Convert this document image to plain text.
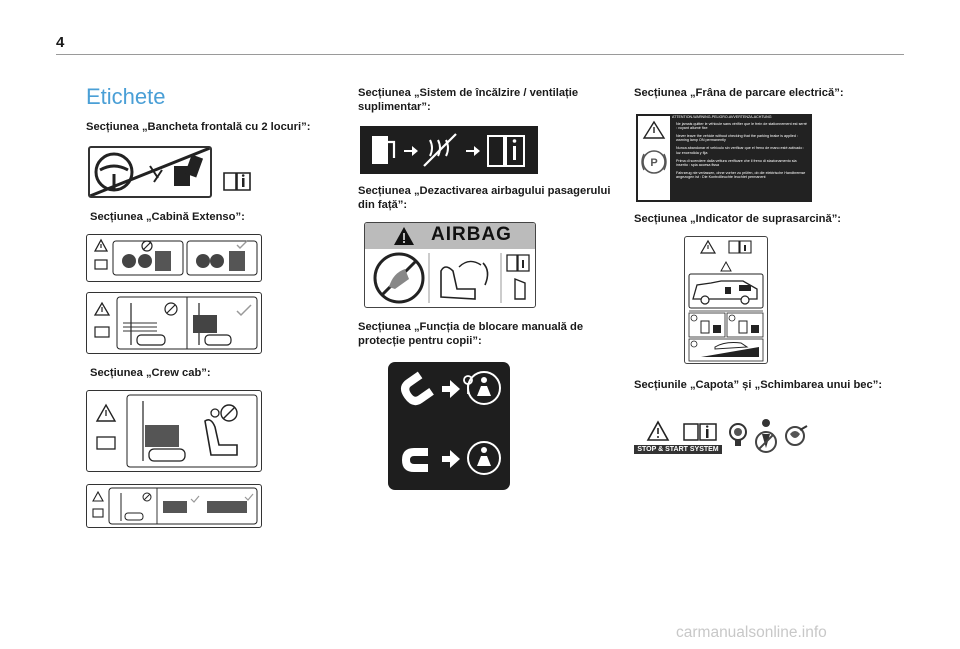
4
Etichete
Secțiunea „Bancheta frontală cu 2 locuri”:
Secțiunea „Cabină Extenso”:
Secțiunea „Crew cab”:
Secțiunea „Sistem de încălzire / ventilație suplimentar”:
Secțiunea „Dezactivarea airbagului pasagerului din față”:
AIRBAG
Secțiunea „Funcția de blocare manuală de protecție pentru copii”:
Secțiunea „Frâna de parcare electrică”:
P
ATTENTION-WARNING-PELIGRO-AVVERTENZA-ACHTUNG
Ne jamais quitter le véhicule sans vérifier que le frein de stationnement est serré : voyant allumé fixe
Never leave the vehicle without checking that the parking brake is applied : warning lamp ON permanently
Nunca abandonar el vehículo sin verificar que el freno de mano esté activado : luz encendida y fija
Prima di scendere dalla vettura verificare che il freno di stazionamento sia inserito : spia accesa fissa
Fahrzeug nie verlassen, ohne vorher zu prüfen, ob die elektrische Handbremse angezogen ist : Die Kontrollleuchte leuchtet permanent
Secțiunea „Indicator de suprasarcină”:
Secțiunile „Capota” și „Schimbarea unui bec”:
STOP & START SYSTEM
carmanualsonline.info
